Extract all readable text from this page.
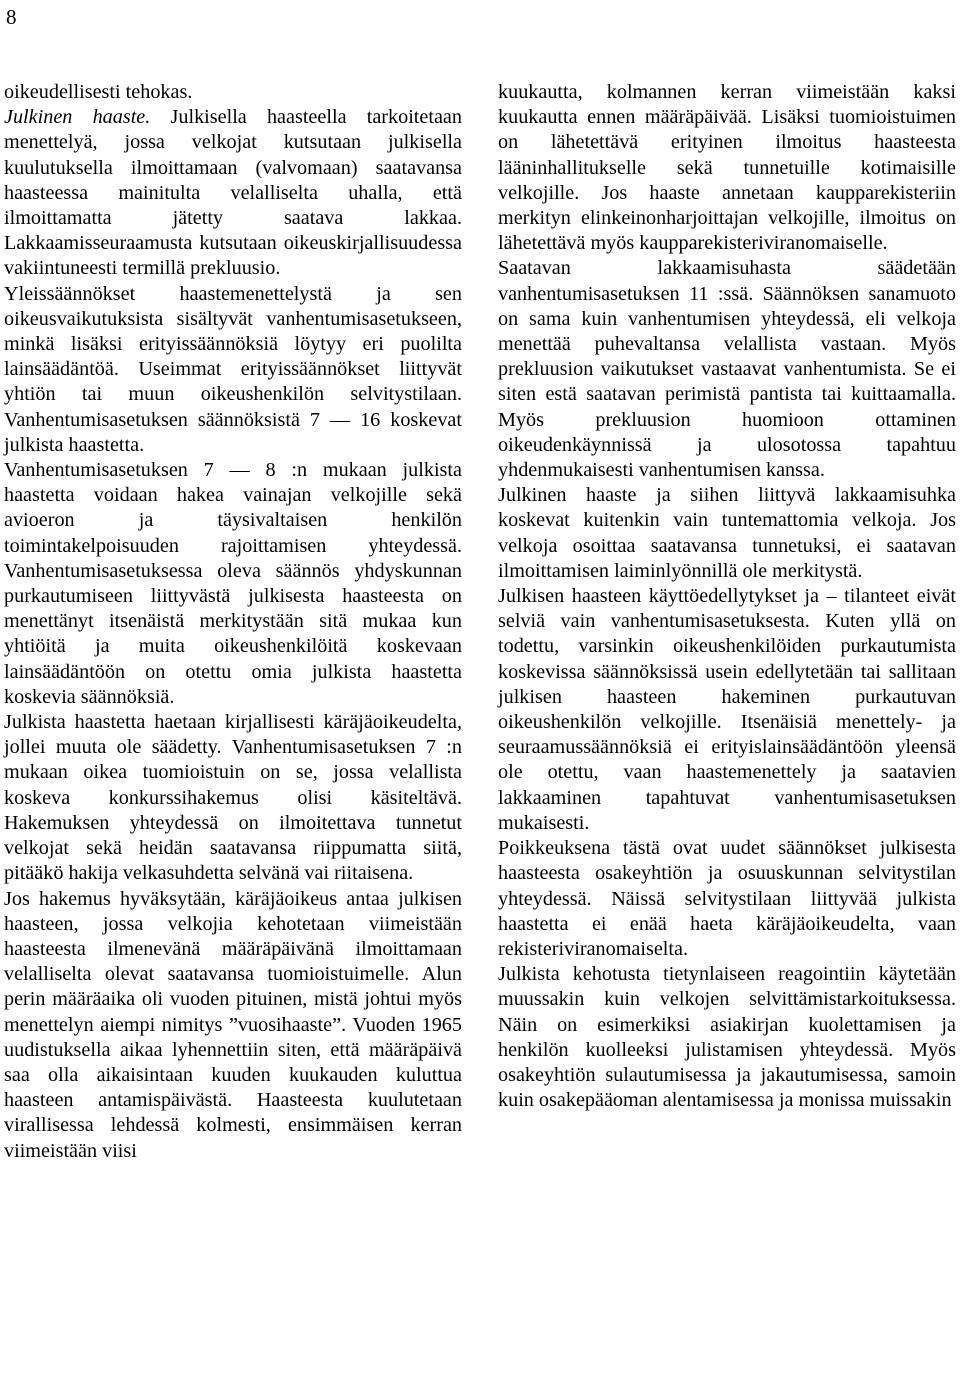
8

oikeudellisesti tehokas.

Julkinen haaste. Julkisella haasteella tarkoitetaan menettelyä, jossa velkojat kutsutaan julkisella kuulutuksella ilmoittamaan (valvomaan) saatavansa haasteessa mainitulta velalliselta uhalla, että ilmoittamatta jätetty saatava lakkaa. Lakkaamisseuraamusta kutsutaan oikeuskirjallisuudessa vakiintuneesti termillä prekluusio.

Yleissäännökset haastemenettelystä ja sen oikeusvaikutuksista sisältyvät vanhentumisasetukseen, minkä lisäksi erityissäännöksiä löytyy eri puolilta lainsäädäntöä. Useimmat erityissäännökset liittyvät yhtiön tai muun oikeushenkilön selvitystilaan. Vanhentumisasetuksen säännöksistä 7 — 16 koskevat julkista haastetta.

Vanhentumisasetuksen 7 — 8 :n mukaan julkista haastetta voidaan hakea vainajan velkojille sekä avioeron ja täysivaltaisen henkilön toimintakelpoisuuden rajoittamisen yhteydessä. Vanhentumisasetuksessa oleva säännös yhdyskunnan purkautumiseen liittyvästä julkisesta haasteesta on menettänyt itsenäistä merkitystään sitä mukaa kun yhtiöitä ja muita oikeushenkilöitä koskevaan lainsäädäntöön on otettu omia julkista haastetta koskevia säännöksiä.

Julkista haastetta haetaan kirjallisesti käräjäoikeudelta, jollei muuta ole säädetty. Vanhentumisasetuksen 7 :n mukaan oikea tuomioistuin on se, jossa velallista koskeva konkurssihakemus olisi käsiteltävä. Hakemuksen yhteydessä on ilmoitettava tunnetut velkojat sekä heidän saatavansa riippumatta siitä, pitääkö hakija velkasuhdetta selvänä vai riitaisena.

Jos hakemus hyväksytään, käräjäoikeus antaa julkisen haasteen, jossa velkojia kehotetaan viimeistään haasteesta ilmenevänä määräpäivänä ilmoittamaan velalliselta olevat saatavansa tuomioistuimelle. Alun perin määräaika oli vuoden pituinen, mistä johtui myös menettelyn aiempi nimitys ”vuosihaaste”. Vuoden 1965 uudistuksella aikaa lyhennettiin siten, että määräpäivä saa olla aikaisintaan kuuden kuukauden kuluttua haasteen antamispäivästä. Haasteesta kuulutetaan virallisessa lehdessä kolmesti, ensimmäisen kerran viimeistään viisi

kuukautta, kolmannen kerran viimeistään kaksi kuukautta ennen määräpäivää. Lisäksi tuomioistuimen on lähetettävä erityinen ilmoitus haasteesta lääninhallitukselle sekä tunnetuille kotimaisille velkojille. Jos haaste annetaan kaupparekisteriin merkityn elinkeinonharjoittajan velkojille, ilmoitus on lähetettävä myös kaupparekisteriviranomaiselle.

Saatavan lakkaamisuhasta säädetään vanhentumisasetuksen 11 :ssä. Säännöksen sanamuoto on sama kuin vanhentumisen yhteydessä, eli velkoja menettää puhevaltansa velallista vastaan. Myös prekluusion vaikutukset vastaavat vanhentumista. Se ei siten estä saatavan perimistä pantista tai kuittaamalla. Myös prekluusion huomioon ottaminen oikeudenkäynnissä ja ulosotossa tapahtuu yhdenmukaisesti vanhentumisen kanssa.

Julkinen haaste ja siihen liittyvä lakkaamisuhka koskevat kuitenkin vain tuntemattomia velkoja. Jos velkoja osoittaa saatavansa tunnetuksi, ei saatavan ilmoittamisen laiminlyönnillä ole merkitystä.

Julkisen haasteen käyttöedellytykset ja – tilanteet eivät selviä vain vanhentumisasetuksesta. Kuten yllä on todettu, varsinkin oikeushenkilöiden purkautumista koskevissa säännöksissä usein edellytetään tai sallitaan julkisen haasteen hakeminen purkautuvan oikeushenkilön velkojille. Itsenäisiä menettely- ja seuraamussäännöksiä ei erityislainsäädäntöön yleensä ole otettu, vaan haastemenettely ja saatavien lakkaaminen tapahtuvat vanhentumisasetuksen mukaisesti.

Poikkeuksena tästä ovat uudet säännökset julkisesta haasteesta osakeyhtiön ja osuuskunnan selvitystilan yhteydessä. Näissä selvitystilaan liittyvää julkista haastetta ei enää haeta käräjäoikeudelta, vaan rekisteriviranomaiselta.

Julkista kehotusta tietynlaiseen reagointiin käytetään muussakin kuin velkojen selvittämistarkoituksessa. Näin on esimerkiksi asiakirjan kuolettamisen ja henkilön kuolleeksi julistamisen yhteydessä. Myös osakeyhtiön sulautumisessa ja jakautumisessa, samoin kuin osakepääoman alentamisessa ja monissa muissakin
